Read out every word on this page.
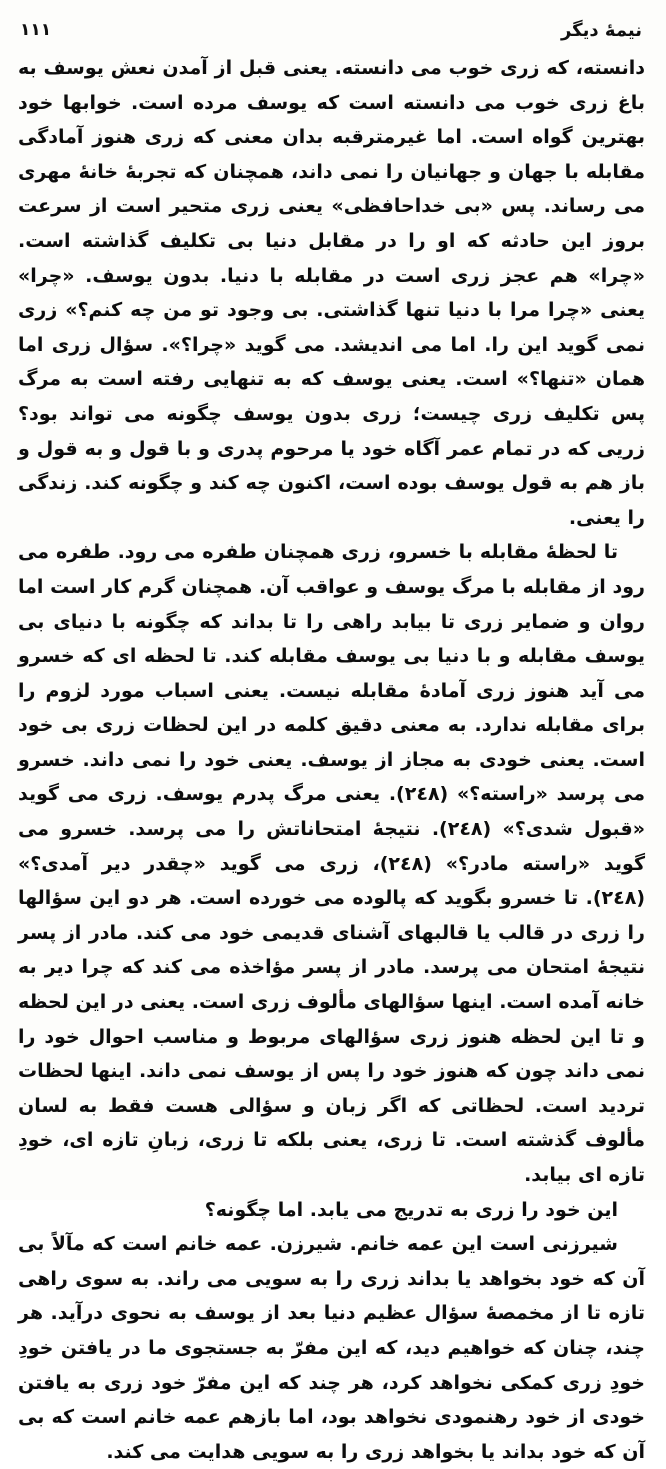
۱۱۱	نیمهٔ دیگر

دانسته، که زری خوب می دانسته. یعنی قبل از آمدن نعش یوسف به باغ زری خوب می دانسته است که یوسف مرده است. خوابها خود بهترین گواه است. اما غیرمترقبه بدان معنی که زری هنوز آمادگی مقابله با جهان و جهانیان را نمی داند، همچنان که تجربهٔ خانهٔ مهری می رساند. پس «بی خداحافظی» یعنی زری متحیر است از سرعت بروز این حادثه که او را در مقابل دنیا بی تکلیف گذاشته است. «چرا» هم عجز زری است در مقابله با دنیا. بدون یوسف. «چرا» یعنی «چرا مرا با دنیا تنها گذاشتی. بی وجود تو من چه کنم؟» زری نمی گوید این را. اما می اندیشد. می گوید «چرا؟». سؤال زری اما همان «تنها؟» است. یعنی یوسف که به تنهایی رفته است به مرگ پس تکلیف زری چیست؛ زری بدون یوسف چگونه می تواند بود؟ زریی که در تمام عمر آگاه خود یا مرحوم پدری و با قول و به قول و باز هم به قول یوسف بوده است، اکنون چه کند و چگونه کند. زندگی را یعنی.

تا لحظهٔ مقابله با خسرو، زری همچنان طفره می رود. طفره می رود از مقابله با مرگ یوسف و عواقب آن. همچنان گرم کار است اما روان و ضمایر زری تا بیابد راهی را تا بداند که چگونه با دنیای بی یوسف مقابله و با دنیا بی یوسف مقابله کند. تا لحظه ای که خسرو می آید هنوز زری آمادهٔ مقابله نیست. یعنی اسباب مورد لزوم را برای مقابله ندارد. به معنی دقیق کلمه در این لحظات زری بی خود است. یعنی خودی به مجاز از یوسف. یعنی خود را نمی داند. خسرو می پرسد «راسته؟» (۲٤۸). یعنی مرگ پدرم یوسف. زری می گوید «قبول شدی؟» (۲٤۸). نتیجهٔ امتحاناتش را می پرسد. خسرو می گوید «راسته مادر؟» (۲٤۸)، زری می گوید «چقدر دیر آمدی؟» (۲٤۸). تا خسرو بگوید که پالوده می خورده است. هر دو این سؤالها را زری در قالب یا قالبهای آشنای قدیمی خود می کند. مادر از پسر نتیجهٔ امتحان می پرسد. مادر از پسر مؤاخذه می کند که چرا دیر به خانه آمده است. اینها سؤالهای مألوف زری است. یعنی در این لحظه و تا این لحظه هنوز زری سؤالهای مربوط و مناسب احوال خود را نمی داند چون که هنوز خود را پس از یوسف نمی داند. اینها لحظات تردید است. لحظاتی که اگر زبان و سؤالی هست فقط به لسان مألوف گذشته است. تا زری، یعنی بلکه تا زری، زبانِ تازه ای، خودِ تازه ای بیابد.

این خود را زری به تدریج می یابد. اما چگونه؟

شیرزنی است این عمه خانم. شیرزن. عمه خانم است که مآلاً بی آن که خود بخواهد یا بداند زری را به سویی می راند. به سوی راهی تازه تا از مخمصهٔ سؤال عظیم دنیا بعد از یوسف به نحوی درآید. هر چند، چنان که خواهیم دید، که این مفرّ به جستجوی ما در یافتن خودِ خودِ زری کمکی نخواهد کرد، هر چند که این مفرّ خود زری به یافتن خودی از خود رهنمودی نخواهد بود، اما بازهم عمه خانم است که بی آن که خود بداند یا بخواهد زری را به سویی هدایت می کند.
